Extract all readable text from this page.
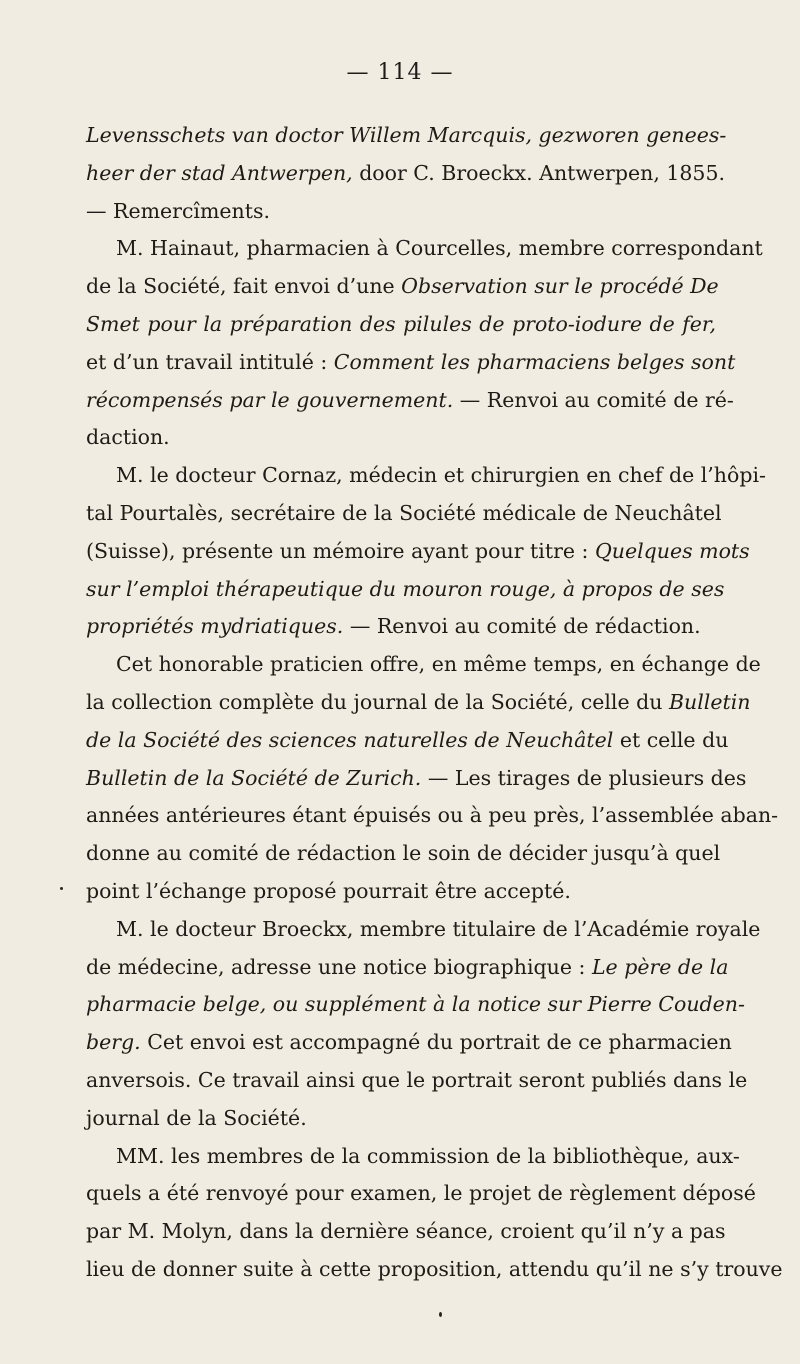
— 114 —
Levensschets van doctor Willem Marcquis, gezworen genees-
heer der stad Antwerpen, door C. Broeckx. Antwerpen, 1855.
— Remercîments.
M. Hainaut, pharmacien à Courcelles, membre correspondant
de la Société, fait envoi d’une Observation sur le procédé De
Smet pour la préparation des pilules de proto-iodure de fer,
et d’un travail intitulé : Comment les pharmaciens belges sont
récompensés par le gouvernement. — Renvoi au comité de ré-
daction.
M. le docteur Cornaz, médecin et chirurgien en chef de l’hôpi-
tal Pourtalès, secrétaire de la Société médicale de Neuchâtel
(Suisse), présente un mémoire ayant pour titre : Quelques mots
sur l’emploi thérapeutique du mouron rouge, à propos de ses
propriétés mydriatiques. — Renvoi au comité de rédaction.
Cet honorable praticien offre, en même temps, en échange de
la collection complète du journal de la Société, celle du Bulletin
de la Société des sciences naturelles de Neuchâtel et celle du
Bulletin de la Société de Zurich. — Les tirages de plusieurs des
années antérieures étant épuisés ou à peu près, l’assemblée aban-
donne au comité de rédaction le soin de décider jusqu’à quel
point l’échange proposé pourrait être accepté.
M. le docteur Broeckx, membre titulaire de l’Académie royale
de médecine, adresse une notice biographique : Le père de la
pharmacie belge, ou supplément à la notice sur Pierre Couden-
berg. Cet envoi est accompagné du portrait de ce pharmacien
anversois. Ce travail ainsi que le portrait seront publiés dans le
journal de la Société.
MM. les membres de la commission de la bibliothèque, aux-
quels a été renvoyé pour examen, le projet de règlement déposé
par M. Molyn, dans la dernière séance, croient qu’il n’y a pas
lieu de donner suite à cette proposition, attendu qu’il ne s’y trouve
